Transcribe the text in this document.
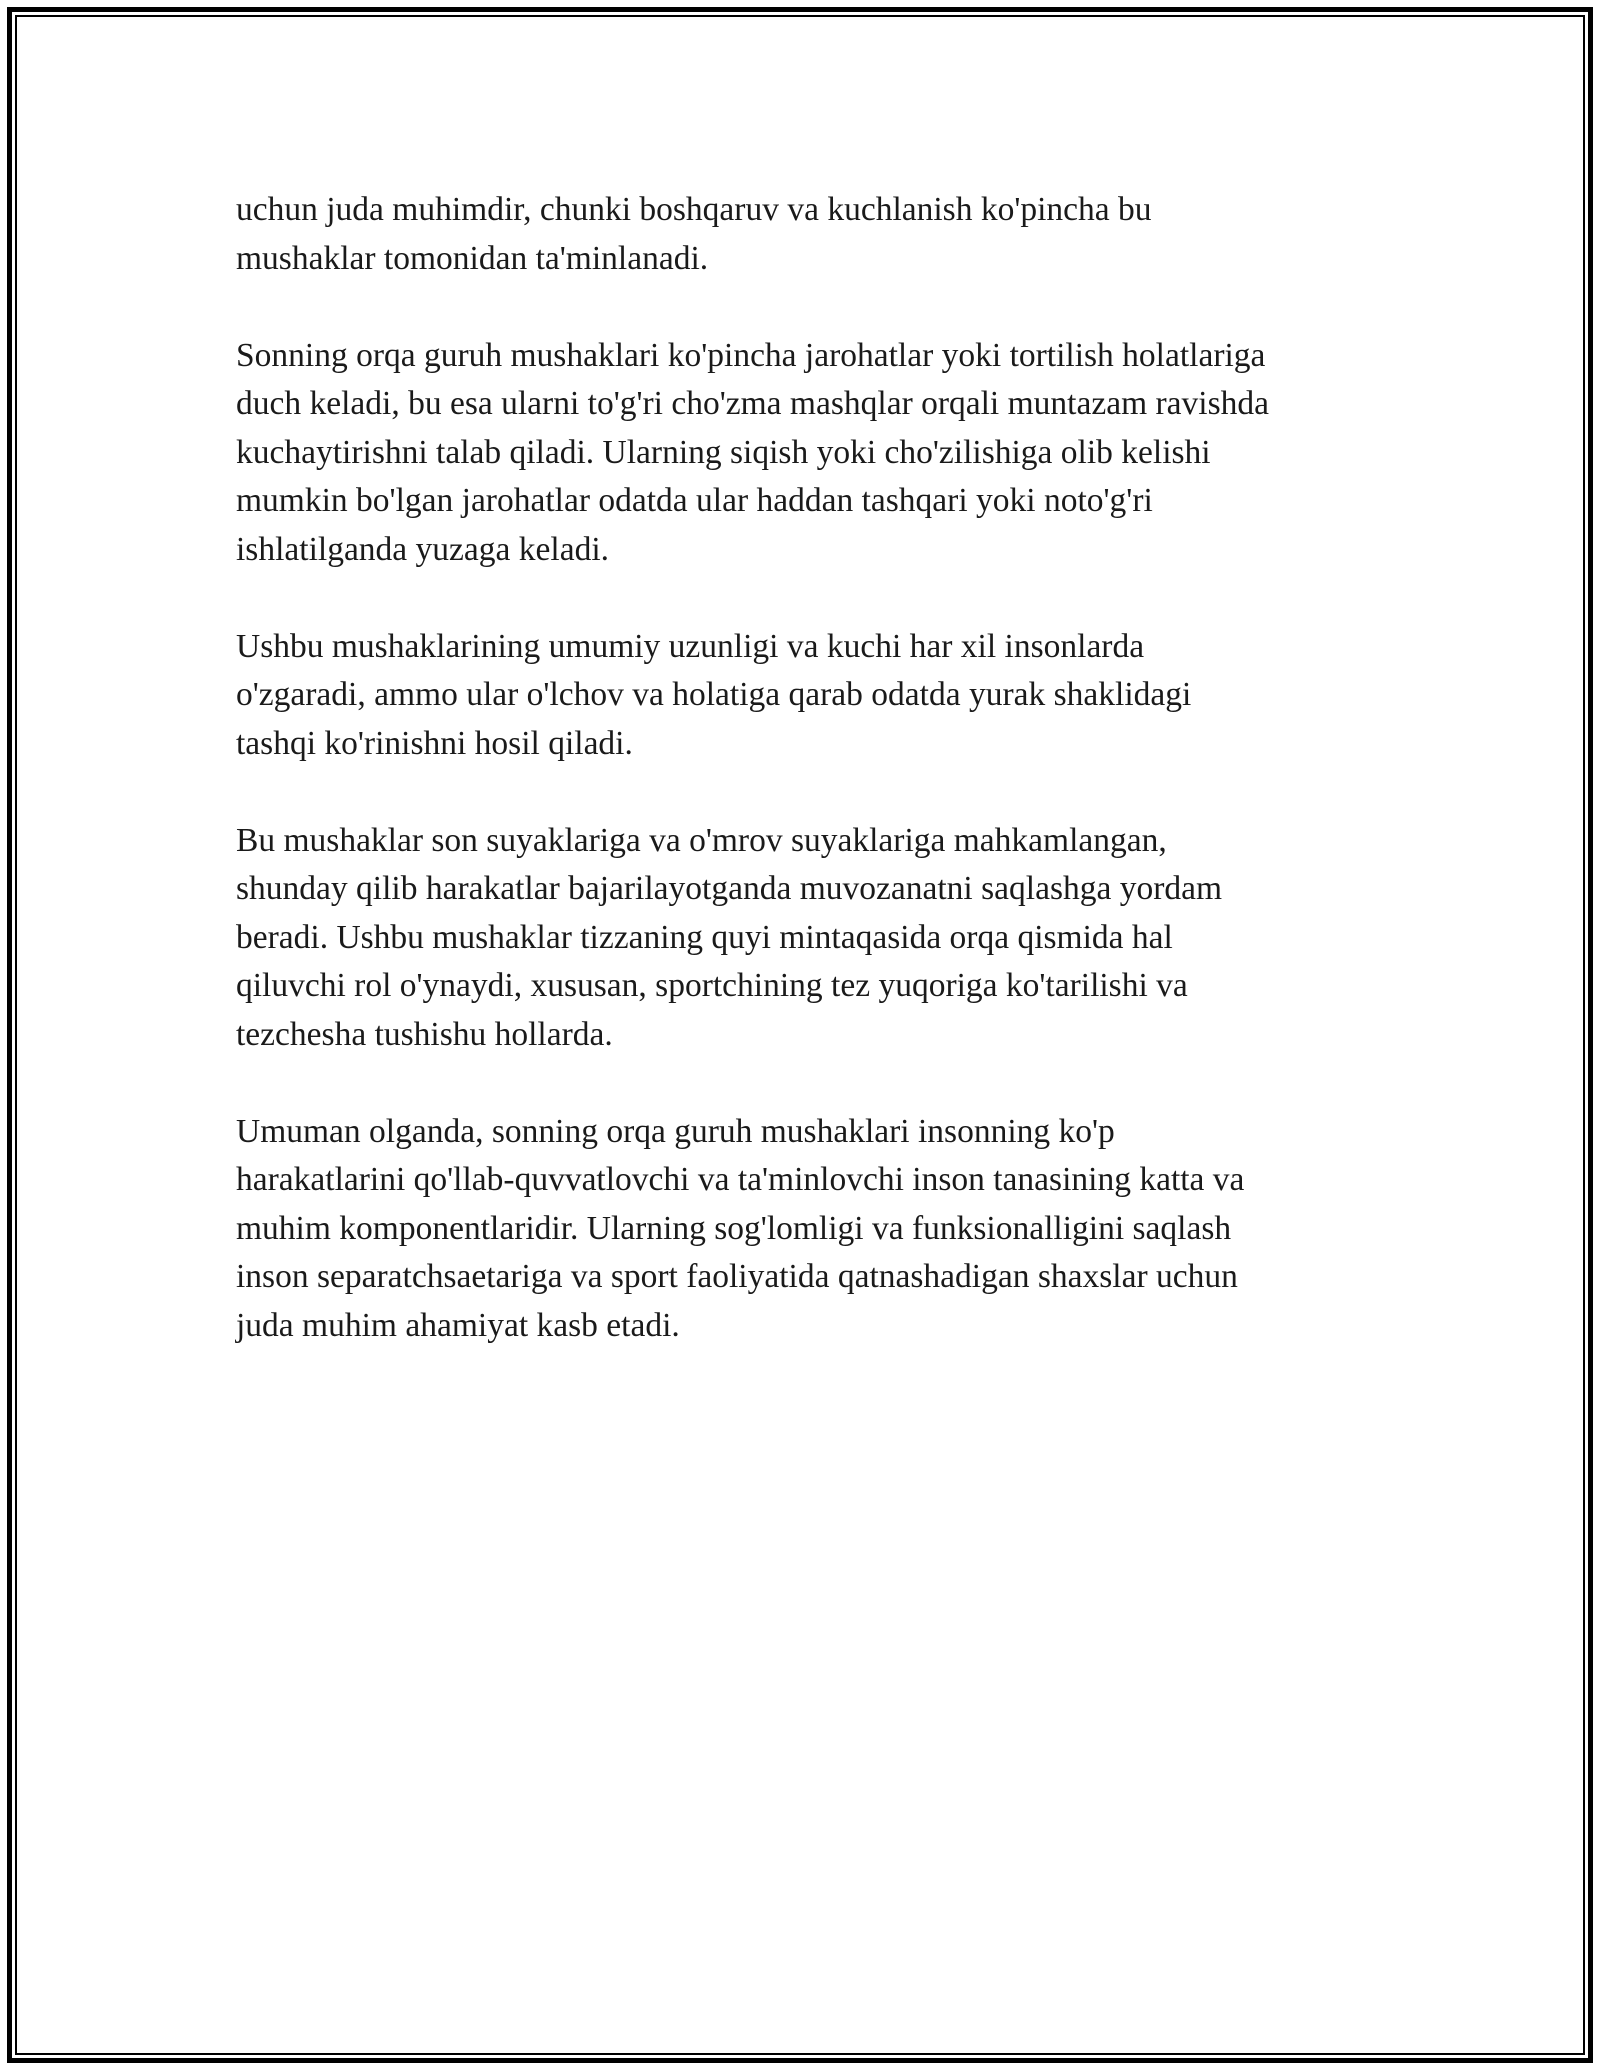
uchun juda muhimdir, chunki boshqaruv va kuchlanish ko'pincha bu
mushaklar tomonidan ta'minlanadi.

Sonning orqa guruh mushaklari ko'pincha jarohatlar yoki tortilish holatlariga
duch keladi, bu esa ularni to'g'ri cho'zma mashqlar orqali muntazam ravishda
kuchaytirishni talab qiladi. Ularning siqish yoki cho'zilishiga olib kelishi
mumkin bo'lgan jarohatlar odatda ular haddan tashqari yoki noto'g'ri
ishlatilganda yuzaga keladi.

Ushbu mushaklarining umumiy uzunligi va kuchi har xil insonlarda
o'zgaradi, ammo ular o'lchov va holatiga qarab odatda yurak shaklidagi
tashqi ko'rinishni hosil qiladi.

Bu mushaklar son suyaklariga va o'mrov suyaklariga mahkamlangan,
shunday qilib harakatlar bajarilayotganda muvozanatni saqlashga yordam
beradi. Ushbu mushaklar tizzaning quyi mintaqasida orqa qismida hal
qiluvchi rol o'ynaydi, xususan, sportchining tez yuqoriga ko'tarilishi va
tezchesha tushishu hollarda.

Umuman olganda, sonning orqa guruh mushaklari insonning ko'p
harakatlarini qo'llab-quvvatlovchi va ta'minlovchi inson tanasining katta va
muhim komponentlaridir. Ularning sog'lomligi va funksionalligini saqlash
inson separatchsaetariga va sport faoliyatida qatnashadigan shaxslar uchun
juda muhim ahamiyat kasb etadi.
